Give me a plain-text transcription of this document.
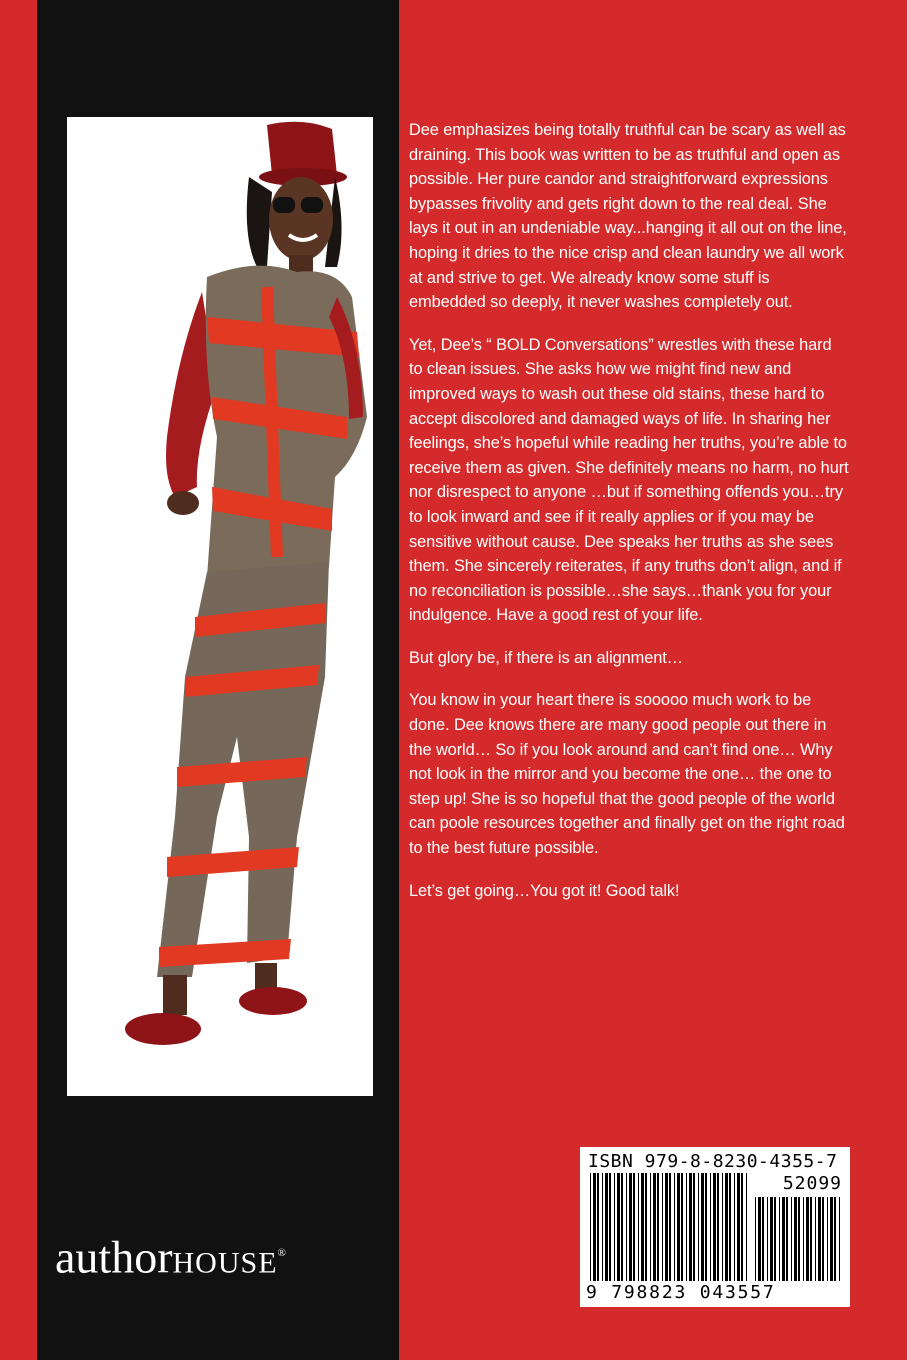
Dee emphasizes being totally truthful can be scary as well as draining. This book was written to be as truthful and open as possible. Her pure candor and straightforward expressions bypasses frivolity and gets right down to the real deal. She lays it out in an undeniable way...hanging it all out on the line, hoping it dries to the nice crisp and clean laundry we all work at and strive to get. We already know some stuff is embedded so deeply, it never washes completely out.

Yet, Dee’s “ BOLD Conversations” wrestles with these hard to clean issues. She asks how we might find new and improved ways to wash out these old stains, these hard to accept discolored and damaged ways of life. In sharing her feelings, she’s hopeful while reading her truths, you’re able to receive them as given. She definitely means no harm, no hurt nor disrespect to anyone …but if something offends you…try to look inward and see if it really applies or if you may be sensitive without cause. Dee speaks her truths as she sees them. She sincerely reiterates, if any truths don’t align, and if no reconciliation is possible…she says…thank you for your indulgence. Have a good rest of your life.

But glory be, if there is an alignment…

You know in your heart there is sooooo much work to be done. Dee knows there are many good people out there in the world… So if you look around and can’t find one… Why not look in the mirror and you become the one… the one to step up! She is so hopeful that the good people of the world can poole resources together and finally get on the right road to the best future possible.

Let’s get going…You got it! Good talk!

authorHOUSE®
ISBN 979-8-8230-4355-7
52099
9 798823 043557
